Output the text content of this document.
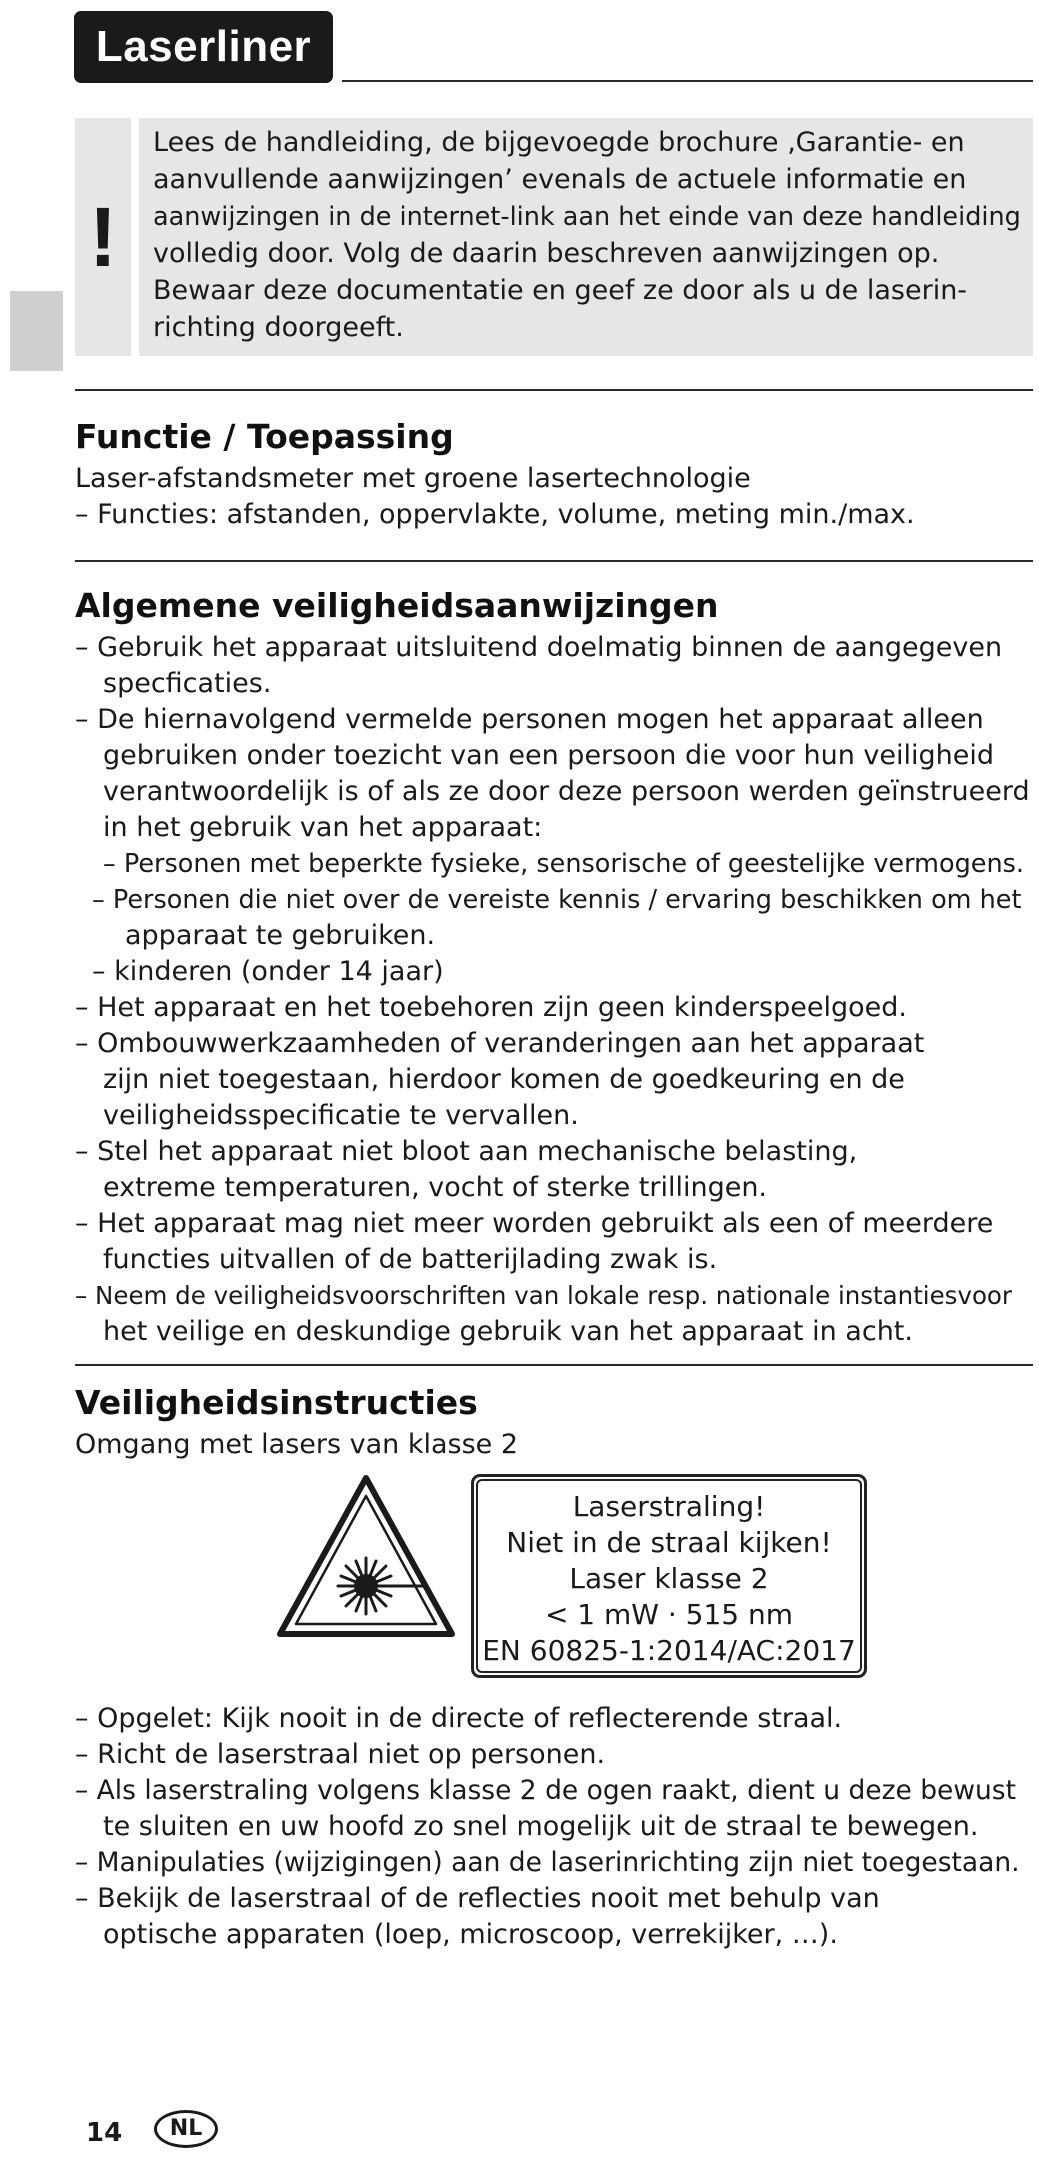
Laserliner
!
Lees de handleiding, de bijgevoegde brochure ‚Garantie- en
aanvullende aanwijzingen’ evenals de actuele informatie en
aanwijzingen in de internet-link aan het einde van deze handleiding
volledig door. Volg de daarin beschreven aanwijzingen op.
Bewaar deze documentatie en geef ze door als u de laserin-
richting doorgeeft.
Functie / Toepassing
Laser-afstandsmeter met groene lasertechnologie
– Functies: afstanden, oppervlakte, volume, meting min./max.
Algemene veiligheidsaanwijzingen
– Gebruik het apparaat uitsluitend doelmatig binnen de aangegeven
specficaties.
– De hiernavolgend vermelde personen mogen het apparaat alleen
gebruiken onder toezicht van een persoon die voor hun veiligheid
verantwoordelijk is of als ze door deze persoon werden geïnstrueerd
in het gebruik van het apparaat:
– Personen met beperkte fysieke, sensorische of geestelijke vermogens.
– Personen die niet over de vereiste kennis / ervaring beschikken om het
apparaat te gebruiken.
– kinderen (onder 14 jaar)
– Het apparaat en het toebehoren zijn geen kinderspeelgoed.
– Ombouwwerkzaamheden of veranderingen aan het apparaat
zijn niet toegestaan, hierdoor komen de goedkeuring en de
veiligheidsspecificatie te vervallen.
– Stel het apparaat niet bloot aan mechanische belasting,
extreme temperaturen, vocht of sterke trillingen.
– Het apparaat mag niet meer worden gebruikt als een of meerdere
functies uitvallen of de batterijlading zwak is.
– Neem de veiligheidsvoorschriften van lokale resp. nationale instantiesvoor
het veilige en deskundige gebruik van het apparaat in acht.
Veiligheidsinstructies
Omgang met lasers van klasse 2
Laserstraling!
Niet in de straal kijken!
Laser klasse 2
< 1 mW · 515 nm
EN 60825-1:2014/AC:2017
– Opgelet: Kijk nooit in de directe of reflecterende straal.
– Richt de laserstraal niet op personen.
– Als laserstraling volgens klasse 2 de ogen raakt, dient u deze bewust
te sluiten en uw hoofd zo snel mogelijk uit de straal te bewegen.
– Manipulaties (wijzigingen) aan de laserinrichting zijn niet toegestaan.
– Bekijk de laserstraal of de reflecties nooit met behulp van
optische apparaten (loep, microscoop, verrekijker, …).
14	NL
